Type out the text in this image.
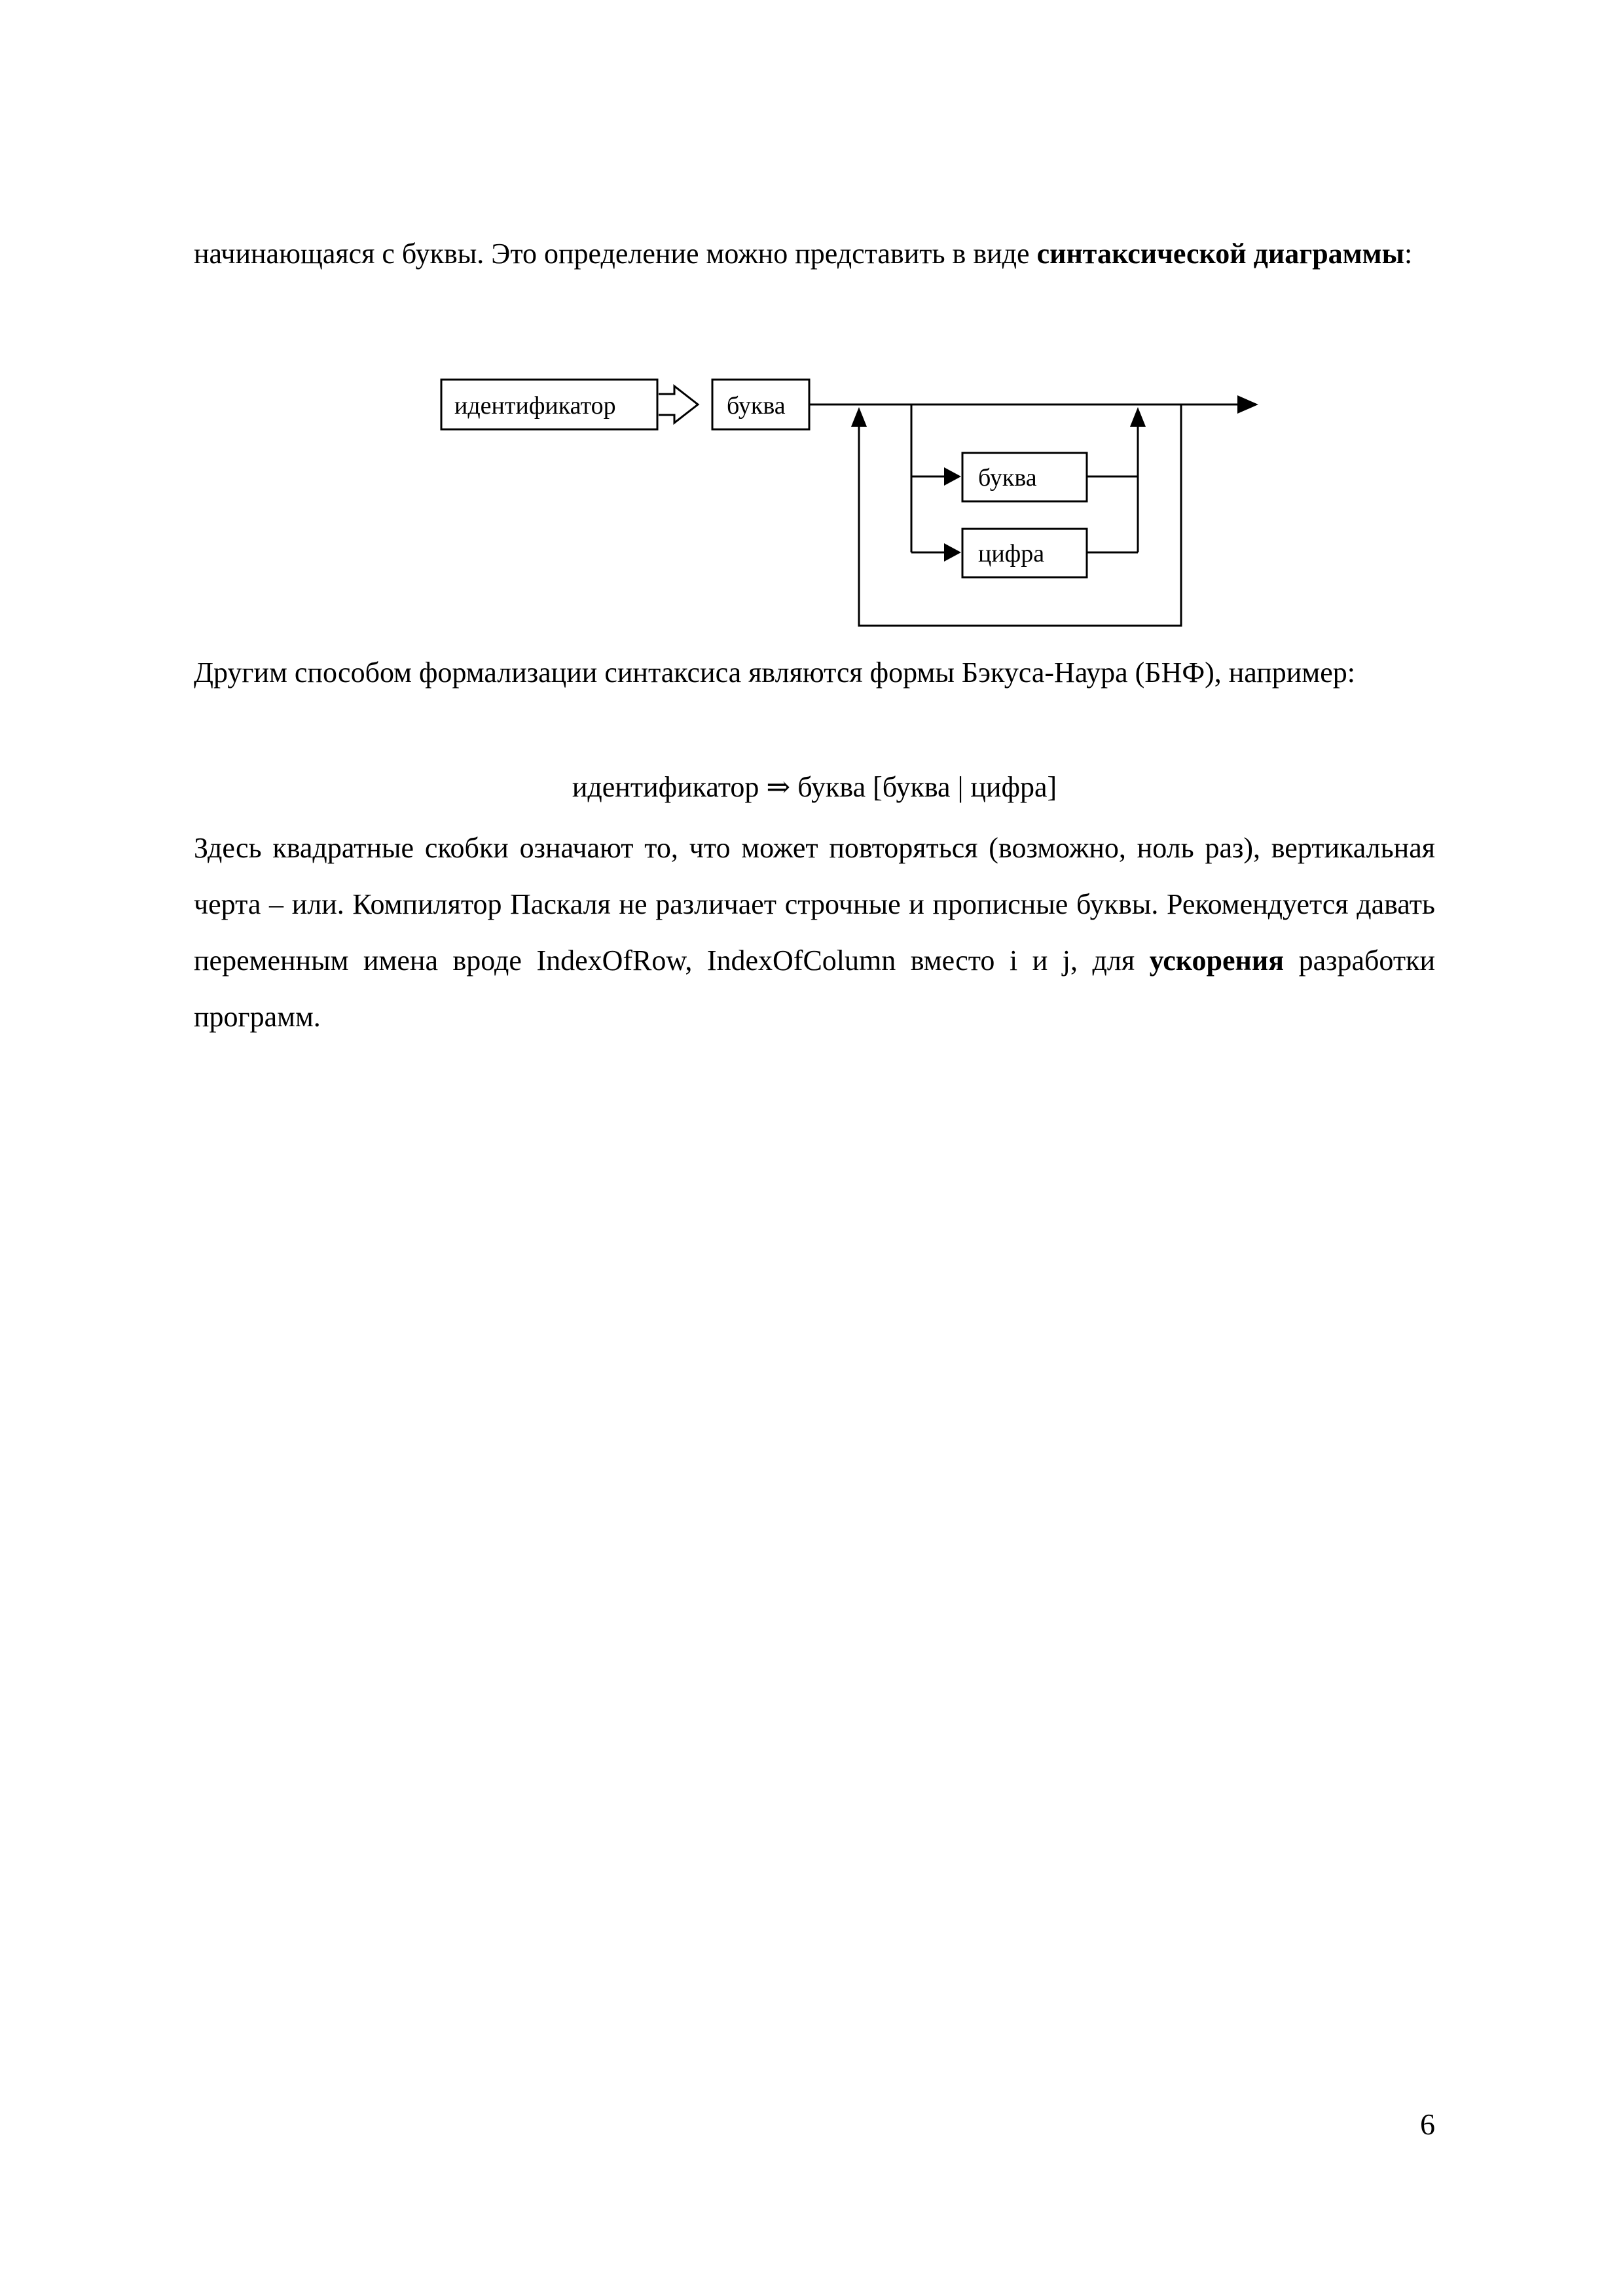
начинающаяся с буквы. Это определение можно представить в виде синтаксической диаграммы:

идентификатор	буква
буква
цифра

Другим способом формализации синтаксиса являются формы Бэкуса-Наура (БНФ), например:

идентификатор ⇒ буква [буква | цифра]

Здесь квадратные скобки означают то, что может повторяться (возможно, ноль раз), вертикальная черта – или. Компилятор Паскаля не различает строчные и прописные буквы. Рекомендуется давать переменным имена вроде IndexOfRow, IndexOfColumn вместо i и j, для ускорения разработки программ.

6
